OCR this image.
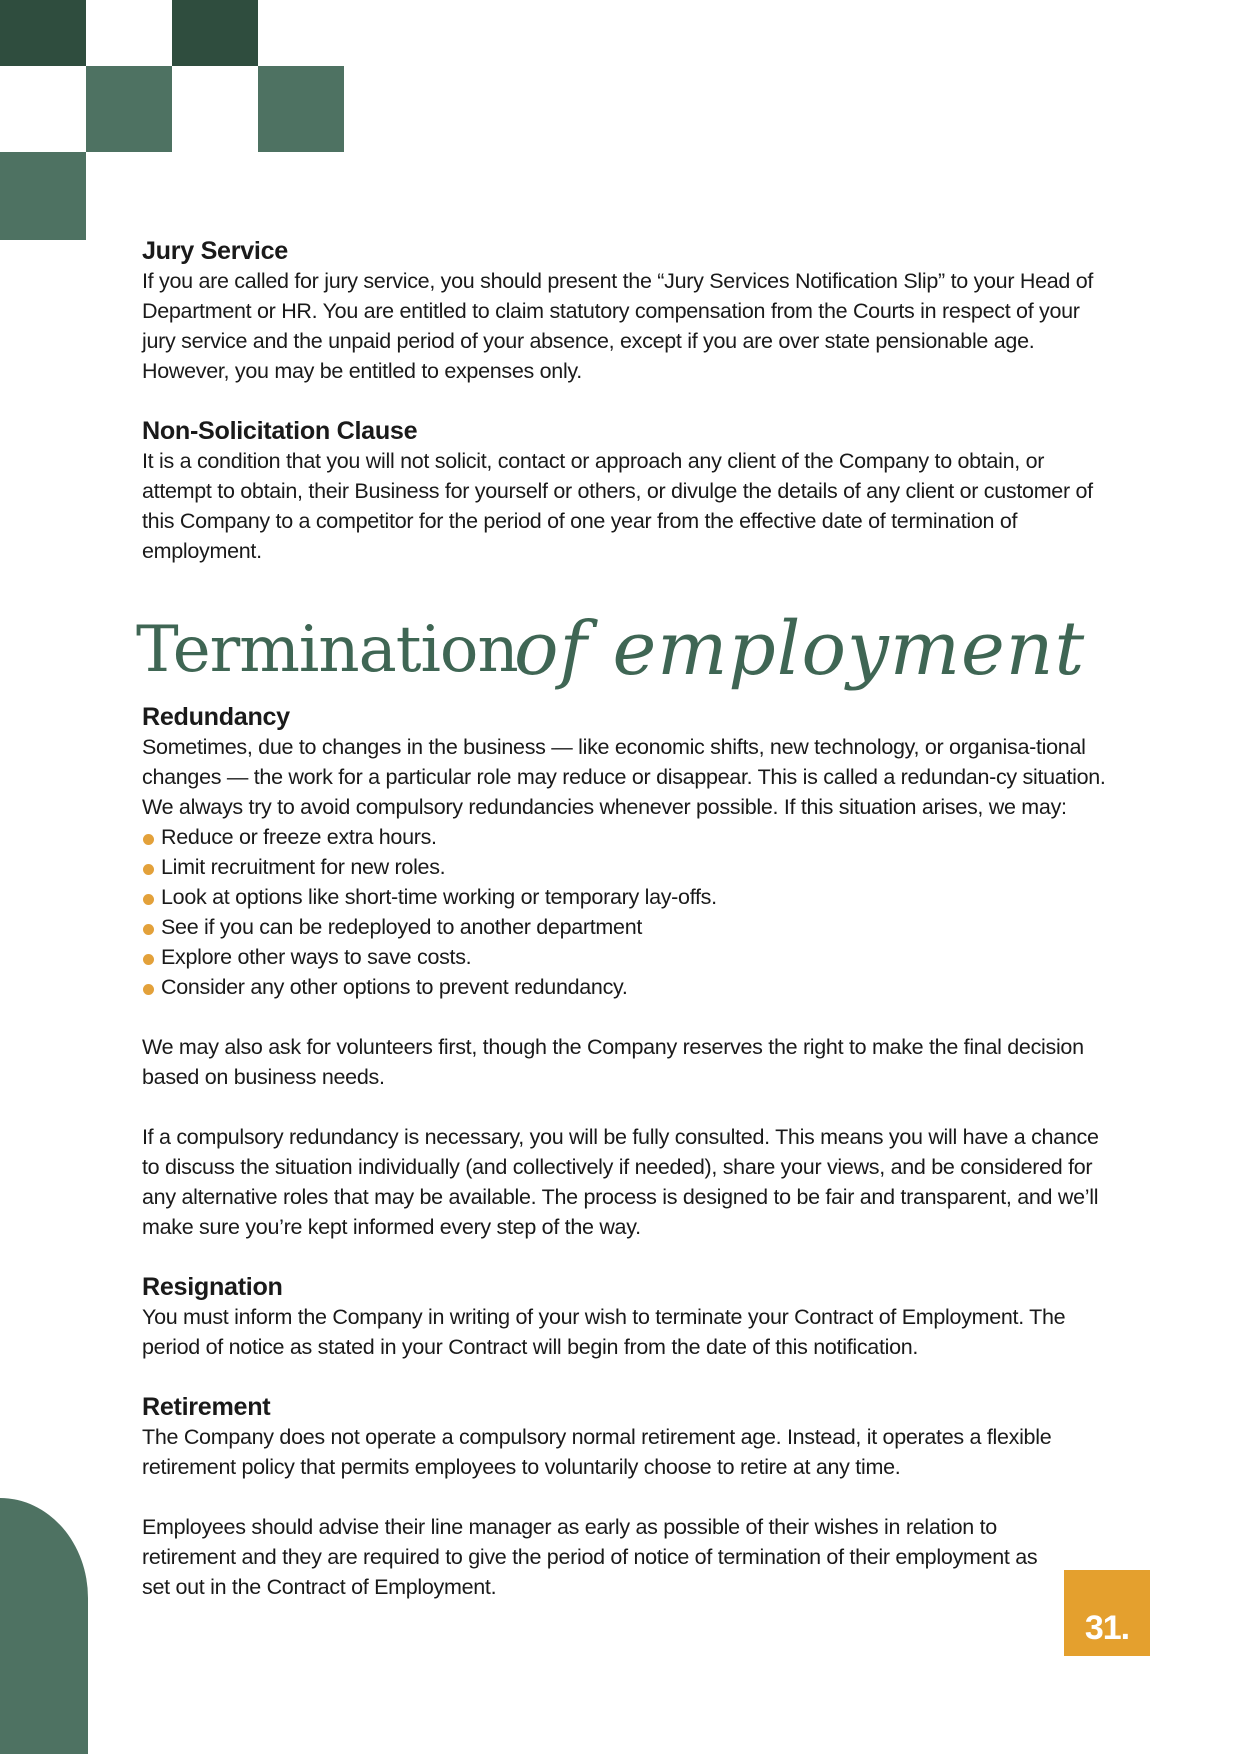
Jury Service

If you are called for jury service, you should present the “Jury Services Notification Slip” to your Head of Department or HR. You are entitled to claim statutory compensation from the Courts in respect of your jury service and the unpaid period of your absence, except if you are over state pensionable age. However, you may be entitled to expenses only.

Non-Solicitation Clause

It is a condition that you will not solicit, contact or approach any client of the Company to obtain, or attempt to obtain, their Business for yourself or others, or divulge the details of any client or customer of this Company to a competitor for the period of one year from the effective date of termination of employment.

Termination
of employment
Redundancy

Sometimes, due to changes in the business — like economic shifts, new technology, or organisa-tional changes — the work for a particular role may reduce or disappear. This is called a redundan-cy situation. We always try to avoid compulsory redundancies whenever possible. If this situation arises, we may:

Reduce or freeze extra hours.
Limit recruitment for new roles.
Look at options like short-time working or temporary lay-offs.
See if you can be redeployed to another department
Explore other ways to save costs.
Consider any other options to prevent redundancy.

We may also ask for volunteers first, though the Company reserves the right to make the final decision based on business needs.

If a compulsory redundancy is necessary, you will be fully consulted. This means you will have a chance to discuss the situation individually (and collectively if needed), share your views, and be considered for any alternative roles that may be available. The process is designed to be fair and transparent, and we’ll make sure you’re kept informed every step of the way.

Resignation

You must inform the Company in writing of your wish to terminate your Contract of Employment. The period of notice as stated in your Contract will begin from the date of this notification.

Retirement

The Company does not operate a compulsory normal retirement age. Instead, it operates a flexible retirement policy that permits employees to voluntarily choose to retire at any time.

Employees should advise their line manager as early as possible of their wishes in relation to retirement and they are required to give the period of notice of termination of their employment as set out in the Contract of Employment.

31.
